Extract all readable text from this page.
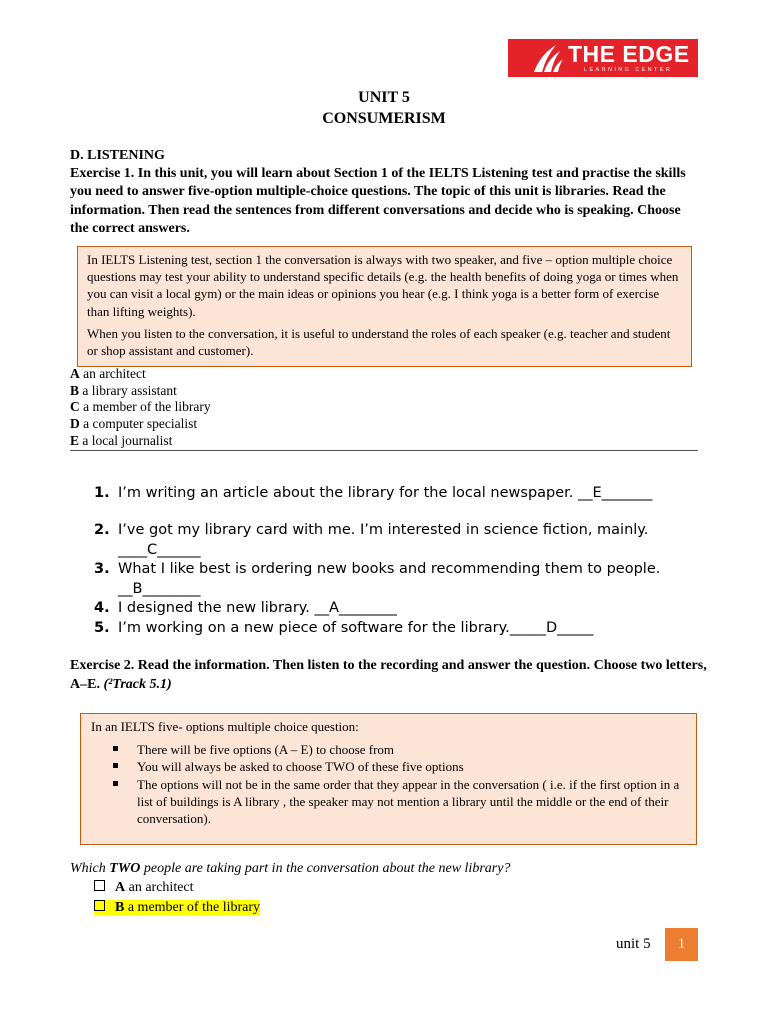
THE EDGE
LEARNING CENTER
UNIT 5
CONSUMERISM
D. LISTENING
Exercise 1. In this unit, you will learn about Section 1 of the IELTS Listening test and practise the skills you need to answer five-option multiple-choice questions. The topic of this unit is libraries. Read the information. Then read the sentences from different conversations and decide who is speaking. Choose the correct answers.

In IELTS Listening test, section 1 the conversation is always with two speaker, and five – option multiple choice questions may test your ability to understand specific details (e.g. the health benefits of doing yoga or times when you can visit a local gym) or the main ideas or opinions you hear (e.g. I think yoga is a better form of exercise than lifting weights).

When you listen to the conversation, it is useful to understand the roles of each speaker (e.g. teacher and student or shop assistant and customer).

A an architect
B a library assistant
C a member of the library
D a computer specialist
E a local journalist
1. I’m writing an article about the library for the local newspaper. __E_______
2. I’ve got my library card with me. I’m interested in science fiction, mainly. ____C______
3. What I like best is ordering new books and recommending them to people. __B________
4. I designed the new library. __A________
5. I’m working on a new piece of software for the library._____D_____
Exercise 2. Read the information. Then listen to the recording and answer the question. Choose two letters, A–E. (²Track 5.1)

In an IELTS five- options multiple choice question:

There will be five options (A – E) to choose from
You will always be asked to choose TWO of these five options
The options will not be in the same order that they appear in the conversation ( i.e. if the first option in a list of buildings is A library , the speaker may not mention a library until the middle or the end of their conversation).
Which TWO people are taking part in the conversation about the new library?
A an architect
B a member of the library
unit 5	1
